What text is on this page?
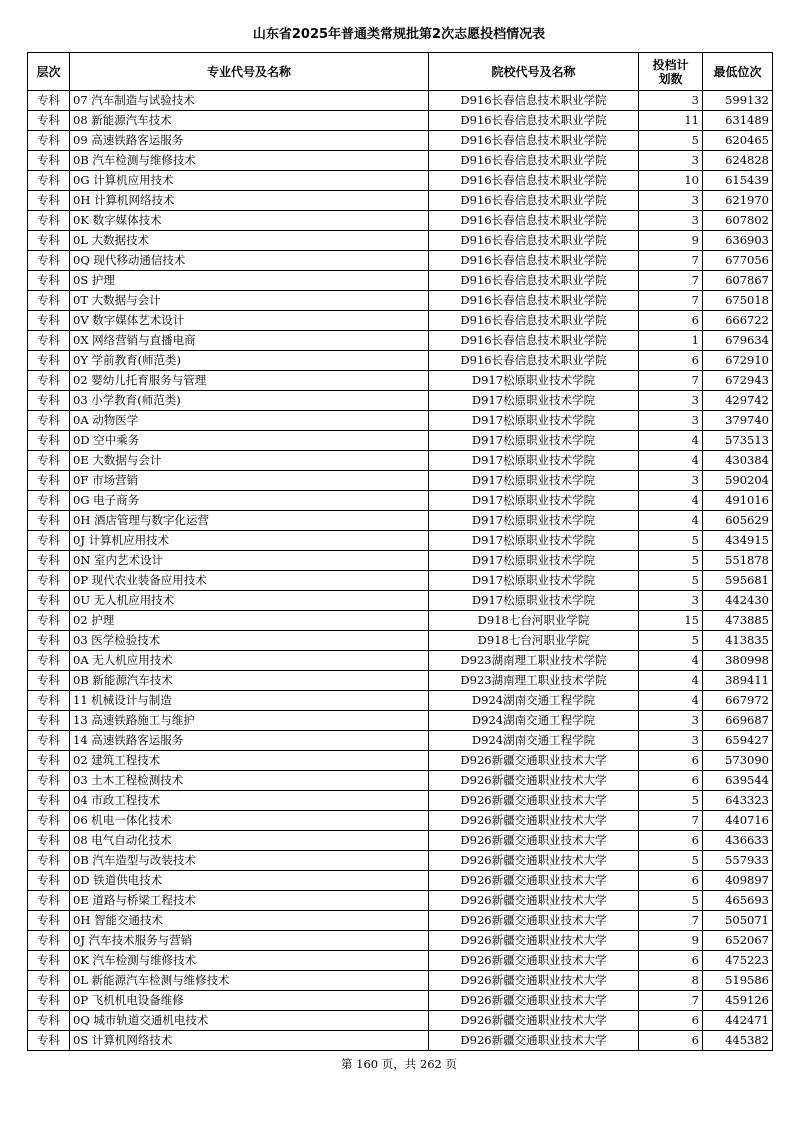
山东省2025年普通类常规批第2次志愿投档情况表
层次	专业代号及名称	院校代号及名称	投档计划数	最低位次
专科	07 汽车制造与试验技术	D916长春信息技术职业学院	3	599132
专科	08 新能源汽车技术	D916长春信息技术职业学院	11	631489
专科	09 高速铁路客运服务	D916长春信息技术职业学院	5	620465
专科	0B 汽车检测与维修技术	D916长春信息技术职业学院	3	624828
专科	0G 计算机应用技术	D916长春信息技术职业学院	10	615439
专科	0H 计算机网络技术	D916长春信息技术职业学院	3	621970
专科	0K 数字媒体技术	D916长春信息技术职业学院	3	607802
专科	0L 大数据技术	D916长春信息技术职业学院	9	636903
专科	0Q 现代移动通信技术	D916长春信息技术职业学院	7	677056
专科	0S 护理	D916长春信息技术职业学院	7	607867
专科	0T 大数据与会计	D916长春信息技术职业学院	7	675018
专科	0V 数字媒体艺术设计	D916长春信息技术职业学院	6	666722
专科	0X 网络营销与直播电商	D916长春信息技术职业学院	1	679634
专科	0Y 学前教育(师范类)	D916长春信息技术职业学院	6	672910
专科	02 婴幼儿托育服务与管理	D917松原职业技术学院	7	672943
专科	03 小学教育(师范类)	D917松原职业技术学院	3	429742
专科	0A 动物医学	D917松原职业技术学院	3	379740
专科	0D 空中乘务	D917松原职业技术学院	4	573513
专科	0E 大数据与会计	D917松原职业技术学院	4	430384
专科	0F 市场营销	D917松原职业技术学院	3	590204
专科	0G 电子商务	D917松原职业技术学院	4	491016
专科	0H 酒店管理与数字化运营	D917松原职业技术学院	4	605629
专科	0J 计算机应用技术	D917松原职业技术学院	5	434915
专科	0N 室内艺术设计	D917松原职业技术学院	5	551878
专科	0P 现代农业装备应用技术	D917松原职业技术学院	5	595681
专科	0U 无人机应用技术	D917松原职业技术学院	3	442430
专科	02 护理	D918七台河职业学院	15	473885
专科	03 医学检验技术	D918七台河职业学院	5	413835
专科	0A 无人机应用技术	D923湖南理工职业技术学院	4	380998
专科	0B 新能源汽车技术	D923湖南理工职业技术学院	4	389411
专科	11 机械设计与制造	D924湖南交通工程学院	4	667972
专科	13 高速铁路施工与维护	D924湖南交通工程学院	3	669687
专科	14 高速铁路客运服务	D924湖南交通工程学院	3	659427
专科	02 建筑工程技术	D926新疆交通职业技术大学	6	573090
专科	03 土木工程检测技术	D926新疆交通职业技术大学	6	639544
专科	04 市政工程技术	D926新疆交通职业技术大学	5	643323
专科	06 机电一体化技术	D926新疆交通职业技术大学	7	440716
专科	08 电气自动化技术	D926新疆交通职业技术大学	6	436633
专科	0B 汽车造型与改装技术	D926新疆交通职业技术大学	5	557933
专科	0D 铁道供电技术	D926新疆交通职业技术大学	6	409897
专科	0E 道路与桥梁工程技术	D926新疆交通职业技术大学	5	465693
专科	0H 智能交通技术	D926新疆交通职业技术大学	7	505071
专科	0J 汽车技术服务与营销	D926新疆交通职业技术大学	9	652067
专科	0K 汽车检测与维修技术	D926新疆交通职业技术大学	6	475223
专科	0L 新能源汽车检测与维修技术	D926新疆交通职业技术大学	8	519586
专科	0P 飞机机电设备维修	D926新疆交通职业技术大学	7	459126
专科	0Q 城市轨道交通机电技术	D926新疆交通职业技术大学	6	442471
专科	0S 计算机网络技术	D926新疆交通职业技术大学	6	445382
第 160 页，共 262 页
